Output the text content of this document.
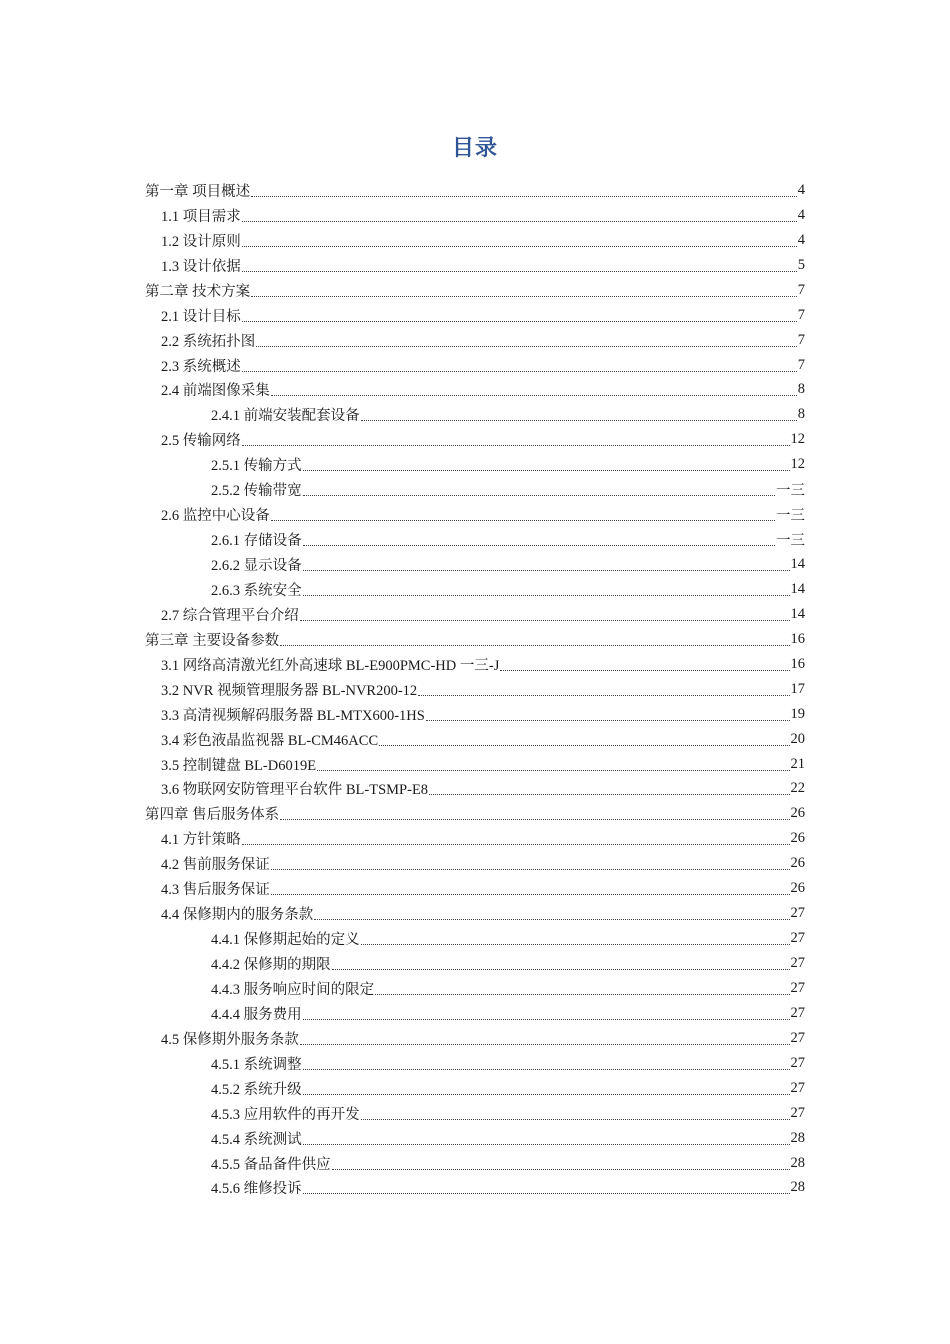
目录
第一章 项目概述	4
1.1 项目需求	4
1.2 设计原则	4
1.3 设计依据	5
第二章 技术方案	7
2.1 设计目标	7
2.2 系统拓扑图	7
2.3 系统概述	7
2.4 前端图像采集	8
2.4.1 前端安装配套设备	8
2.5 传输网络	12
2.5.1 传输方式	12
2.5.2 传输带宽	一三
2.6 监控中心设备	一三
2.6.1 存储设备	一三
2.6.2 显示设备	14
2.6.3 系统安全	14
2.7 综合管理平台介绍	14
第三章 主要设备参数	16
3.1 网络高清激光红外高速球 BL-E900PMC-HD 一三-J	16
3.2 NVR 视频管理服务器 BL-NVR200-12	17
3.3 高清视频解码服务器 BL-MTX600-1HS	19
3.4 彩色液晶监视器 BL-CM46ACC	20
3.5 控制键盘 BL-D6019E	21
3.6 物联网安防管理平台软件 BL-TSMP-E8	22
第四章 售后服务体系	26
4.1 方针策略	26
4.2 售前服务保证	26
4.3 售后服务保证	26
4.4 保修期内的服务条款	27
4.4.1 保修期起始的定义	27
4.4.2 保修期的期限	27
4.4.3 服务响应时间的限定	27
4.4.4 服务费用	27
4.5 保修期外服务条款	27
4.5.1 系统调整	27
4.5.2 系统升级	27
4.5.3 应用软件的再开发	27
4.5.4 系统测试	28
4.5.5 备品备件供应	28
4.5.6 维修投诉	28
